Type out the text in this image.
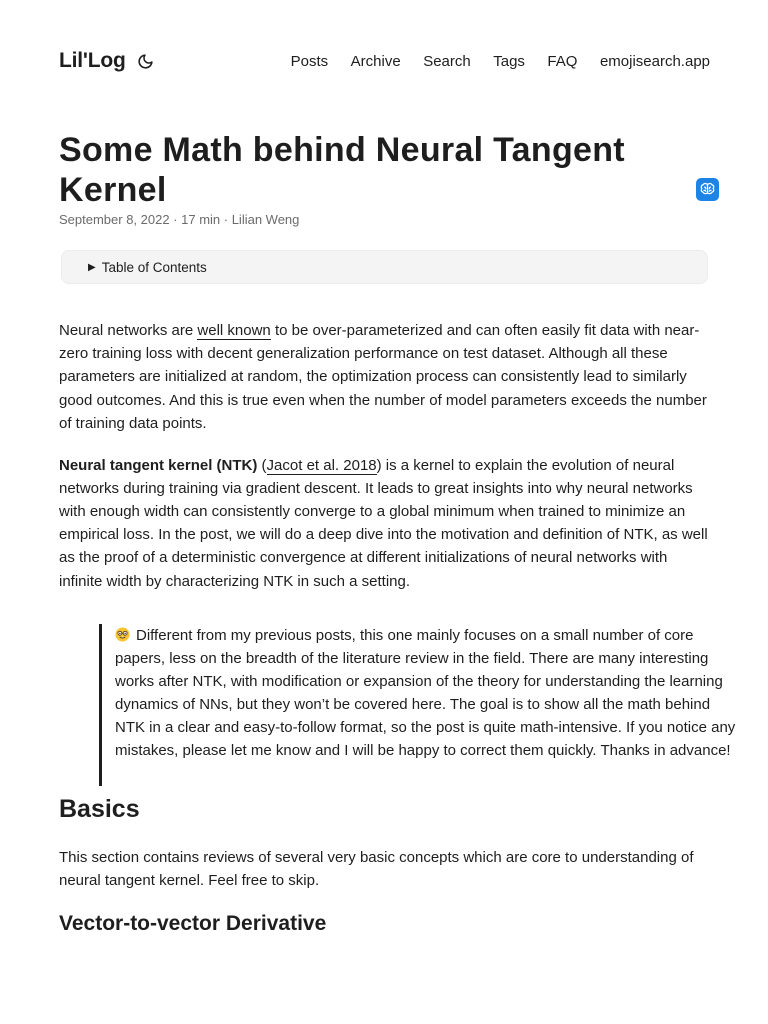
Lil'Log	Posts Archive Search Tags FAQ emojisearch.app
Some Math behind Neural Tangent Kernel
September 8, 2022 · 17 min · Lilian Weng
▶ Table of Contents

Neural networks are well known to be over-parameterized and can often easily fit data with near-zero training loss with decent generalization performance on test dataset. Although all these parameters are initialized at random, the optimization process can consistently lead to similarly good outcomes. And this is true even when the number of model parameters exceeds the number of training data points.

Neural tangent kernel (NTK) (Jacot et al. 2018) is a kernel to explain the evolution of neural networks during training via gradient descent. It leads to great insights into why neural networks with enough width can consistently converge to a global minimum when trained to minimize an empirical loss. In the post, we will do a deep dive into the motivation and definition of NTK, as well as the proof of a deterministic convergence at different initializations of neural networks with infinite width by characterizing NTK in such a setting.

Different from my previous posts, this one mainly focuses on a small number of core papers, less on the breadth of the literature review in the field. There are many interesting works after NTK, with modification or expansion of the theory for understanding the learning dynamics of NNs, but they won’t be covered here. The goal is to show all the math behind NTK in a clear and easy-to-follow format, so the post is quite math-intensive. If you notice any mistakes, please let me know and I will be happy to correct them quickly. Thanks in advance!

Basics

This section contains reviews of several very basic concepts which are core to understanding of neural tangent kernel. Feel free to skip.

Vector-to-vector Derivative
